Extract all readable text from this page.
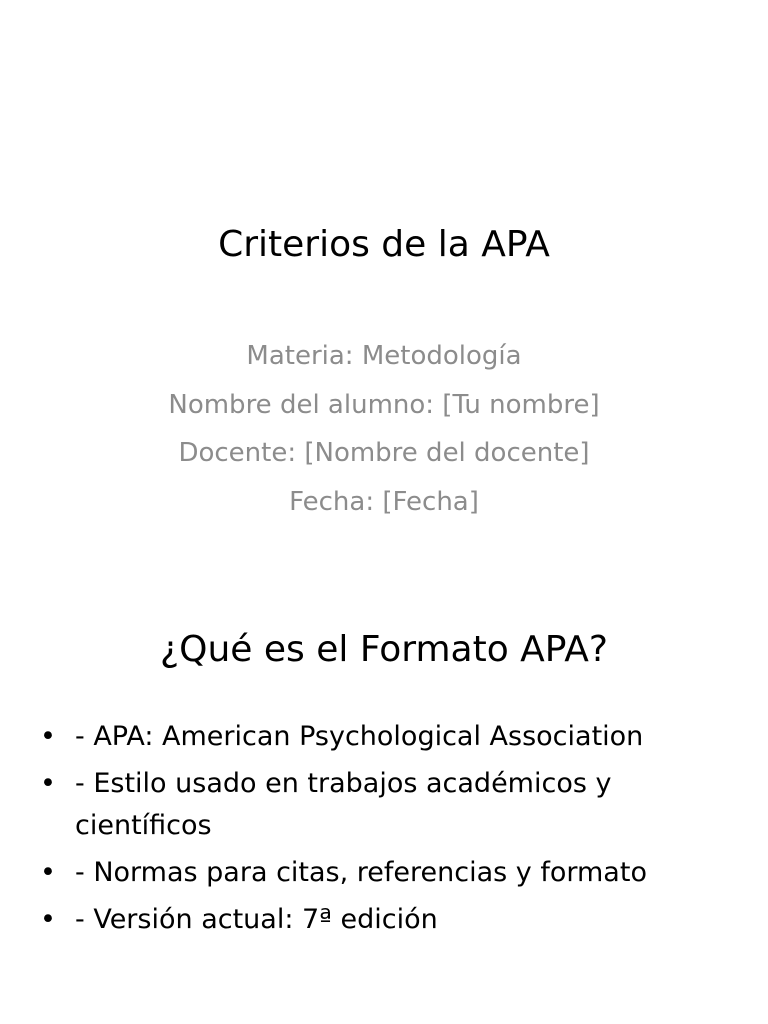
Criterios de la APA
Materia: Metodología
Nombre del alumno: [Tu nombre]
Docente: [Nombre del docente]
Fecha: [Fecha]
¿Qué es el Formato APA?
• - APA: American Psychological Association
• - Estilo usado en trabajos académicos y científicos
• - Normas para citas, referencias y formato
• - Versión actual: 7ª edición
